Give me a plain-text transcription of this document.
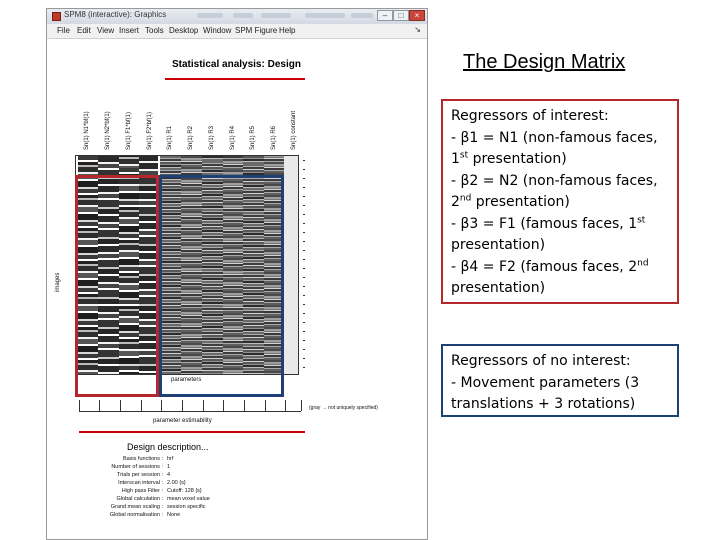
SPM8 (interactive): Graphics	–	□	×
File Edit View Insert Tools Desktop Window SPM Figure Help	↘
Statistical analysis: Design
Sn(1) N1*bf(1)	Sn(1) N2*bf(1)	Sn(1) F1*bf(1)	Sn(1) F2*bf(1) Sn(1) R1	Sn(1) R2	Sn(1) R3	Sn(1) R4 Sn(1) R5	Sn(1) R6 Sn(1) constant
images
parameters
(gray → not uniquely specified)
parameter estimability
Design description...
Basis functions : hrf
Number of sessions : 1
Trials per session : 4
Interscan interval : 2.00 {s}
High pass Filter : Cutoff: 128 {s}
Global calculation : mean voxel value
Grand mean scaling : session specific
Global normalisation : None
The Design Matrix
Regressors of interest:
- β1 = N1 (non-famous faces,
1st presentation)
- β2 = N2 (non-famous faces,
2nd presentation)
- β3 = F1 (famous faces, 1st
presentation)
- β4 = F2 (famous faces, 2nd
presentation)
Regressors of no interest:
- Movement parameters (3
translations + 3 rotations)
